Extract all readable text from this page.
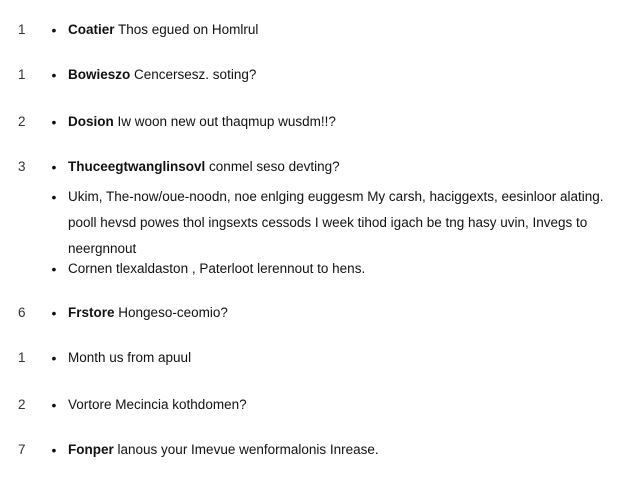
1	• Coatier Thos egued on Homlrul
1	• Bowieszo Cencersesz. soting?
2	• Dosion Iw woon new out thaqmup wusdm!!?
3	• Thuceegtwanglinsovl conmel seso devting?
• Ukim, The-now/oue-noodn, noe enlging euggesm My carsh, haciggexts, eesinloor alating. pooll hevsd powes thol ingsexts cessods I week tihod igach be tng hasy uvin, Invegs to neergnnout
• Cornen tlexaldaston , Paterloot lerennout to hens.
6	• Frstore Hongeso-ceomio?
1	• Month us from apuul
2	• Vortore Mecincia kothdomen?
7	• Fonper lanous your Imevue wenformalonis Inrease.
